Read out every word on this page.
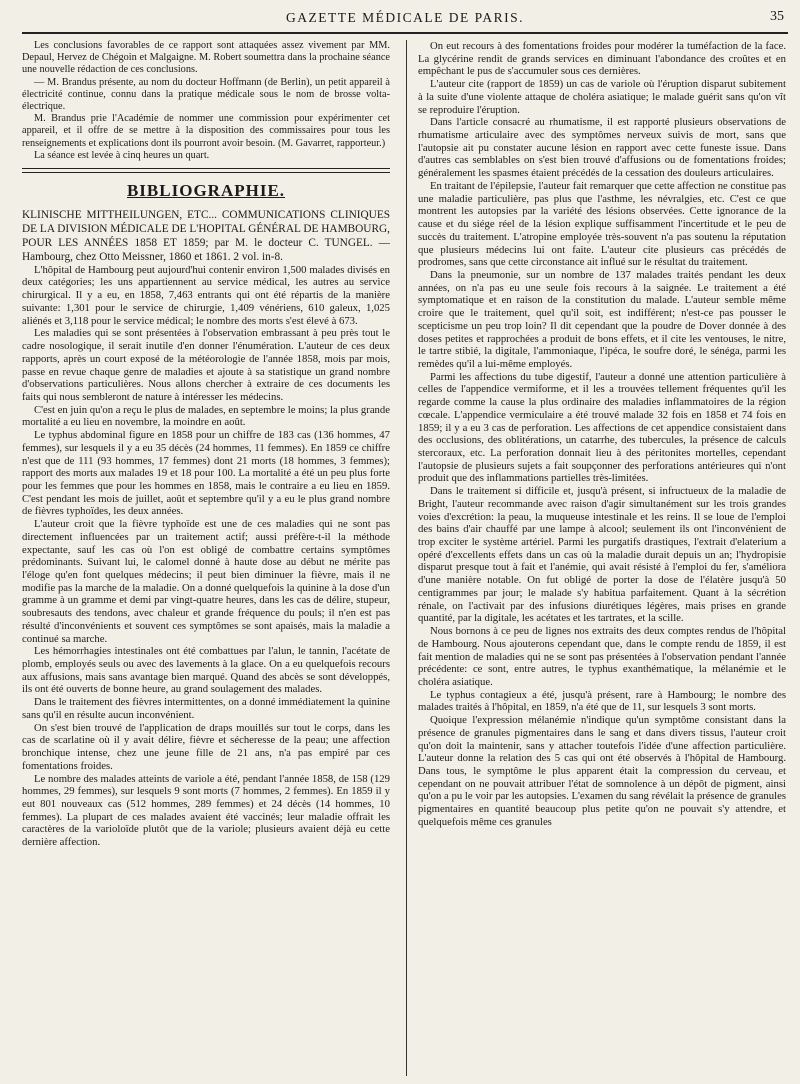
GAZETTE MÉDICALE DE PARIS.	35

Les conclusions favorables de ce rapport sont attaquées assez vivement par MM. Depaul, Hervez de Chégoin et Malgaigne. M. Robert soumettra dans la prochaine séance une nouvelle rédaction de ces conclusions.

— M. Brandus présente, au nom du docteur Hoffmann (de Berlin), un petit appareil à électricité continue, connu dans la pratique médicale sous le nom de brosse volta-électrique.

M. Brandus prie l'Académie de nommer une commission pour expérimenter cet appareil, et il offre de se mettre à la disposition des commissaires pour tous les renseignements et explications dont ils pourront avoir besoin. (M. Gavarret, rapporteur.)

La séance est levée à cinq heures un quart.

BIBLIOGRAPHIE.

KLINISCHE MITTHEILUNGEN, ETC... COMMUNICATIONS CLINIQUES DE LA DIVISION MÉDICALE DE L'HOPITAL GÉNÉRAL DE HAMBOURG, POUR LES ANNÉES 1858 ET 1859; par M. le docteur C. TUNGEL. — Hambourg, chez Otto Meissner, 1860 et 1861. 2 vol. in-8.

L'hôpital de Hambourg peut aujourd'hui contenir environ 1,500 malades divisés en deux catégories; les uns appartiennent au service médical, les autres au service chirurgical. Il y a eu, en 1858, 7,463 entrants qui ont été répartis de la manière suivante: 1,301 pour le service de chirurgie, 1,409 vénériens, 610 galeux, 1,025 aliénés et 3,118 pour le service médical; le nombre des morts s'est élevé à 673.

Les maladies qui se sont présentées à l'observation embrassant à peu près tout le cadre nosologique, il serait inutile d'en donner l'énumération. L'auteur de ces deux rapports, après un court exposé de la météorologie de l'année 1858, mois par mois, passe en revue chaque genre de maladies et ajoute à sa statistique un grand nombre d'observations particulières. Nous allons chercher à extraire de ces documents les faits qui nous sembleront de nature à intéresser les médecins.

C'est en juin qu'on a reçu le plus de malades, en septembre le moins; la plus grande mortalité a eu lieu en novembre, la moindre en août.

Le typhus abdominal figure en 1858 pour un chiffre de 183 cas (136 hommes, 47 femmes), sur lesquels il y a eu 35 décès (24 hommes, 11 femmes). En 1859 ce chiffre n'est que de 111 (93 hommes, 17 femmes) dont 21 morts (18 hommes, 3 femmes); rapport des morts aux malades 19 et 18 pour 100. La mortalité a été un peu plus forte pour les femmes que pour les hommes en 1858, mais le contraire a eu lieu en 1859. C'est pendant les mois de juillet, août et septembre qu'il y a eu le plus grand nombre de fièvres typhoïdes, les deux années.

L'auteur croit que la fièvre typhoïde est une de ces maladies qui ne sont pas directement influencées par un traitement actif; aussi préfère-t-il la méthode expectante, sauf les cas où l'on est obligé de combattre certains symptômes prédominants. Suivant lui, le calomel donné à haute dose au début ne mérite pas l'éloge qu'en font quelques médecins; il peut bien diminuer la fièvre, mais il ne modifie pas la marche de la maladie. On a donné quelquefois la quinine à la dose d'un gramme à un gramme et demi par vingt-quatre heures, dans les cas de délire, stupeur, soubresauts des tendons, avec chaleur et grande fréquence du pouls; il n'en est pas résulté d'inconvénients et souvent ces symptômes se sont apaisés, mais la maladie a continué sa marche.

Les hémorrhagies intestinales ont été combattues par l'alun, le tannin, l'acétate de plomb, employés seuls ou avec des lavements à la glace. On a eu quelquefois recours aux affusions, mais sans avantage bien marqué. Quand des abcès se sont développés, ils ont été ouverts de bonne heure, au grand soulagement des malades.

Dans le traitement des fièvres intermittentes, on a donné immédiatement la quinine sans qu'il en résulte aucun inconvénient.

On s'est bien trouvé de l'application de draps mouillés sur tout le corps, dans les cas de scarlatine où il y avait délire, fièvre et sécheresse de la peau; une affection bronchique intense, chez une jeune fille de 21 ans, n'a pas empiré par ces fomentations froides.

Le nombre des malades atteints de variole a été, pendant l'année 1858, de 158 (129 hommes, 29 femmes), sur lesquels 9 sont morts (7 hommes, 2 femmes). En 1859 il y eut 801 nouveaux cas (512 hommes, 289 femmes) et 24 décès (14 hommes, 10 femmes). La plupart de ces malades avaient été vaccinés; leur maladie offrait les caractères de la varioloïde plutôt que de la variole; plusieurs avaient déjà eu cette dernière affection.

On eut recours à des fomentations froides pour modérer la tuméfaction de la face. La glycérine rendit de grands services en diminuant l'abondance des croûtes et en empêchant le pus de s'accumuler sous ces dernières.

L'auteur cite (rapport de 1859) un cas de variole où l'éruption disparut subitement à la suite d'une violente attaque de choléra asiatique; le malade guérit sans qu'on vît se reproduire l'éruption.

Dans l'article consacré au rhumatisme, il est rapporté plusieurs observations de rhumatisme articulaire avec des symptômes nerveux suivis de mort, sans que l'autopsie ait pu constater aucune lésion en rapport avec cette funeste issue. Dans d'autres cas semblables on s'est bien trouvé d'affusions ou de fomentations froides; généralement les spasmes étaient précédés de la cessation des douleurs articulaires.

En traitant de l'épilepsie, l'auteur fait remarquer que cette affection ne constitue pas une maladie particulière, pas plus que l'asthme, les névralgies, etc. C'est ce que montrent les autopsies par la variété des lésions observées. Cette ignorance de la cause et du siége réel de la lésion explique suffisamment l'incertitude et le peu de succès du traitement. L'atropine employée très-souvent n'a pas soutenu la réputation que plusieurs médecins lui ont faite. L'auteur cite plusieurs cas précédés de prodromes, sans que cette circonstance ait influé sur le résultat du traitement.

Dans la pneumonie, sur un nombre de 137 malades traités pendant les deux années, on n'a pas eu une seule fois recours à la saignée. Le traitement a été symptomatique et en raison de la constitution du malade. L'auteur semble même croire que le traitement, quel qu'il soit, est indifférent; n'est-ce pas pousser le scepticisme un peu trop loin? Il dit cependant que la poudre de Dover donnée à des doses petites et rapprochées a produit de bons effets, et il cite les ventouses, le nitre, le tartre stibié, la digitale, l'ammoniaque, l'ipéca, le soufre doré, le sénéga, parmi les remèdes qu'il a lui-même employés.

Parmi les affections du tube digestif, l'auteur a donné une attention particulière à celles de l'appendice vermiforme, et il les a trouvées tellement fréquentes qu'il les regarde comme la cause la plus ordinaire des maladies inflammatoires de la région cœcale. L'appendice vermiculaire a été trouvé malade 32 fois en 1858 et 74 fois en 1859; il y a eu 3 cas de perforation. Les affections de cet appendice consistaient dans des occlusions, des oblitérations, un catarrhe, des tubercules, la présence de calculs stercoraux, etc. La perforation donnait lieu à des péritonites mortelles, cependant l'autopsie de plusieurs sujets a fait soupçonner des perforations antérieures qui n'ont produit que des inflammations partielles très-limitées.

Dans le traitement si difficile et, jusqu'à présent, si infructueux de la maladie de Bright, l'auteur recommande avec raison d'agir simultanément sur les trois grandes voies d'excrétion: la peau, la muqueuse intestinale et les reins. Il se loue de l'emploi des bains d'air chauffé par une lampe à alcool; seulement ils ont l'inconvénient de trop exciter le système artériel. Parmi les purgatifs drastiques, l'extrait d'elaterium a opéré d'excellents effets dans un cas où la maladie durait depuis un an; l'hydropisie disparut presque tout à fait et l'anémie, qui avait résisté à l'emploi du fer, s'améliora d'une manière notable. On fut obligé de porter la dose de l'élatère jusqu'à 50 centigrammes par jour; le malade s'y habitua parfaitement. Quant à la sécrétion rénale, on l'activait par des infusions diurétiques légères, mais prises en grande quantité, par la digitale, les acétates et les tartrates, et la scille.

Nous bornons à ce peu de lignes nos extraits des deux comptes rendus de l'hôpital de Hambourg. Nous ajouterons cependant que, dans le compte rendu de 1859, il est fait mention de maladies qui ne se sont pas présentées à l'observation pendant l'année précédente: ce sont, entre autres, le typhus exanthématique, la mélanémie et le choléra asiatique.

Le typhus contagieux a été, jusqu'à présent, rare à Hambourg; le nombre des malades traités à l'hôpital, en 1859, n'a été que de 11, sur lesquels 3 sont morts.

Quoique l'expression mélanémie n'indique qu'un symptôme consistant dans la présence de granules pigmentaires dans le sang et dans divers tissus, l'auteur croit qu'on doit la maintenir, sans y attacher toutefois l'idée d'une affection particulière. L'auteur donne la relation des 5 cas qui ont été observés à l'hôpital de Hambourg. Dans tous, le symptôme le plus apparent était la compression du cerveau, et cependant on ne pouvait attribuer l'état de somnolence à un dépôt de pigment, ainsi qu'on a pu le voir par les autopsies. L'examen du sang révélait la présence de granules pigmentaires en quantité beaucoup plus petite qu'on ne pouvait s'y attendre, et quelquefois même ces granules
